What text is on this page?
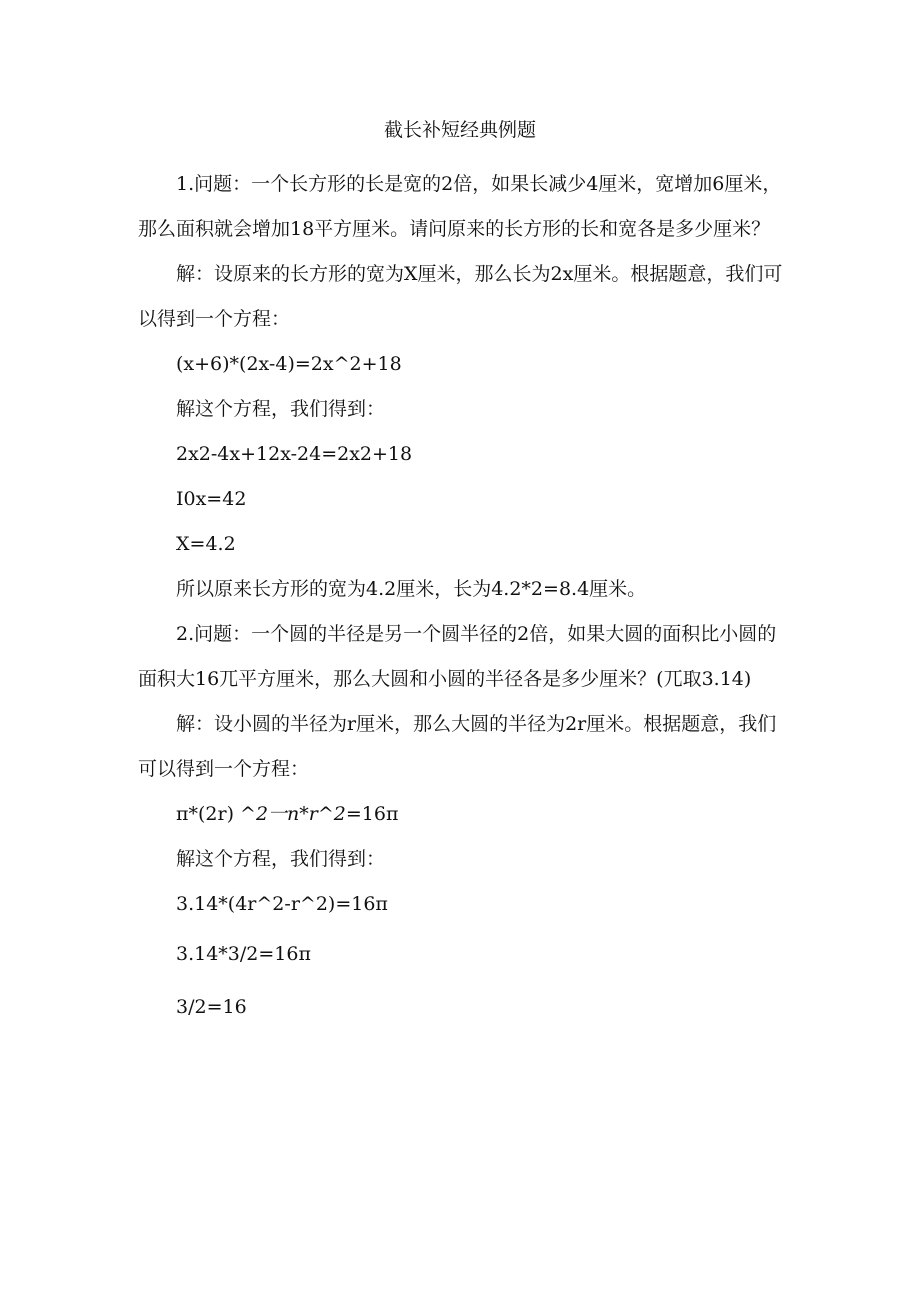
截长补短经典例题

1.问题：一个长方形的长是宽的2倍，如果长减少4厘米，宽增加6厘米，那么面积就会增加18平方厘米。请问原来的长方形的长和宽各是多少厘米？

解：设原来的长方形的宽为X厘米，那么长为2x厘米。根据题意，我们可以得到一个方程：

(x+6)*(2x-4)=2x^2+18

解这个方程，我们得到：

2x2-4x+12x-24=2x2+18

I0x=42

X=4.2

所以原来长方形的宽为4.2厘米，长为4.2*2=8.4厘米。

2.问题：一个圆的半径是另一个圆半径的2倍，如果大圆的面积比小圆的面积大16兀平方厘米，那么大圆和小圆的半径各是多少厘米？(兀取3.14)

解：设小圆的半径为r厘米，那么大圆的半径为2r厘米。根据题意，我们可以得到一个方程：

π*(2r) ^2一n*r^2=16π

解这个方程，我们得到：

3.14*(4r^2-r^2)=16π

3.14*3/2=16π

3/2=16
